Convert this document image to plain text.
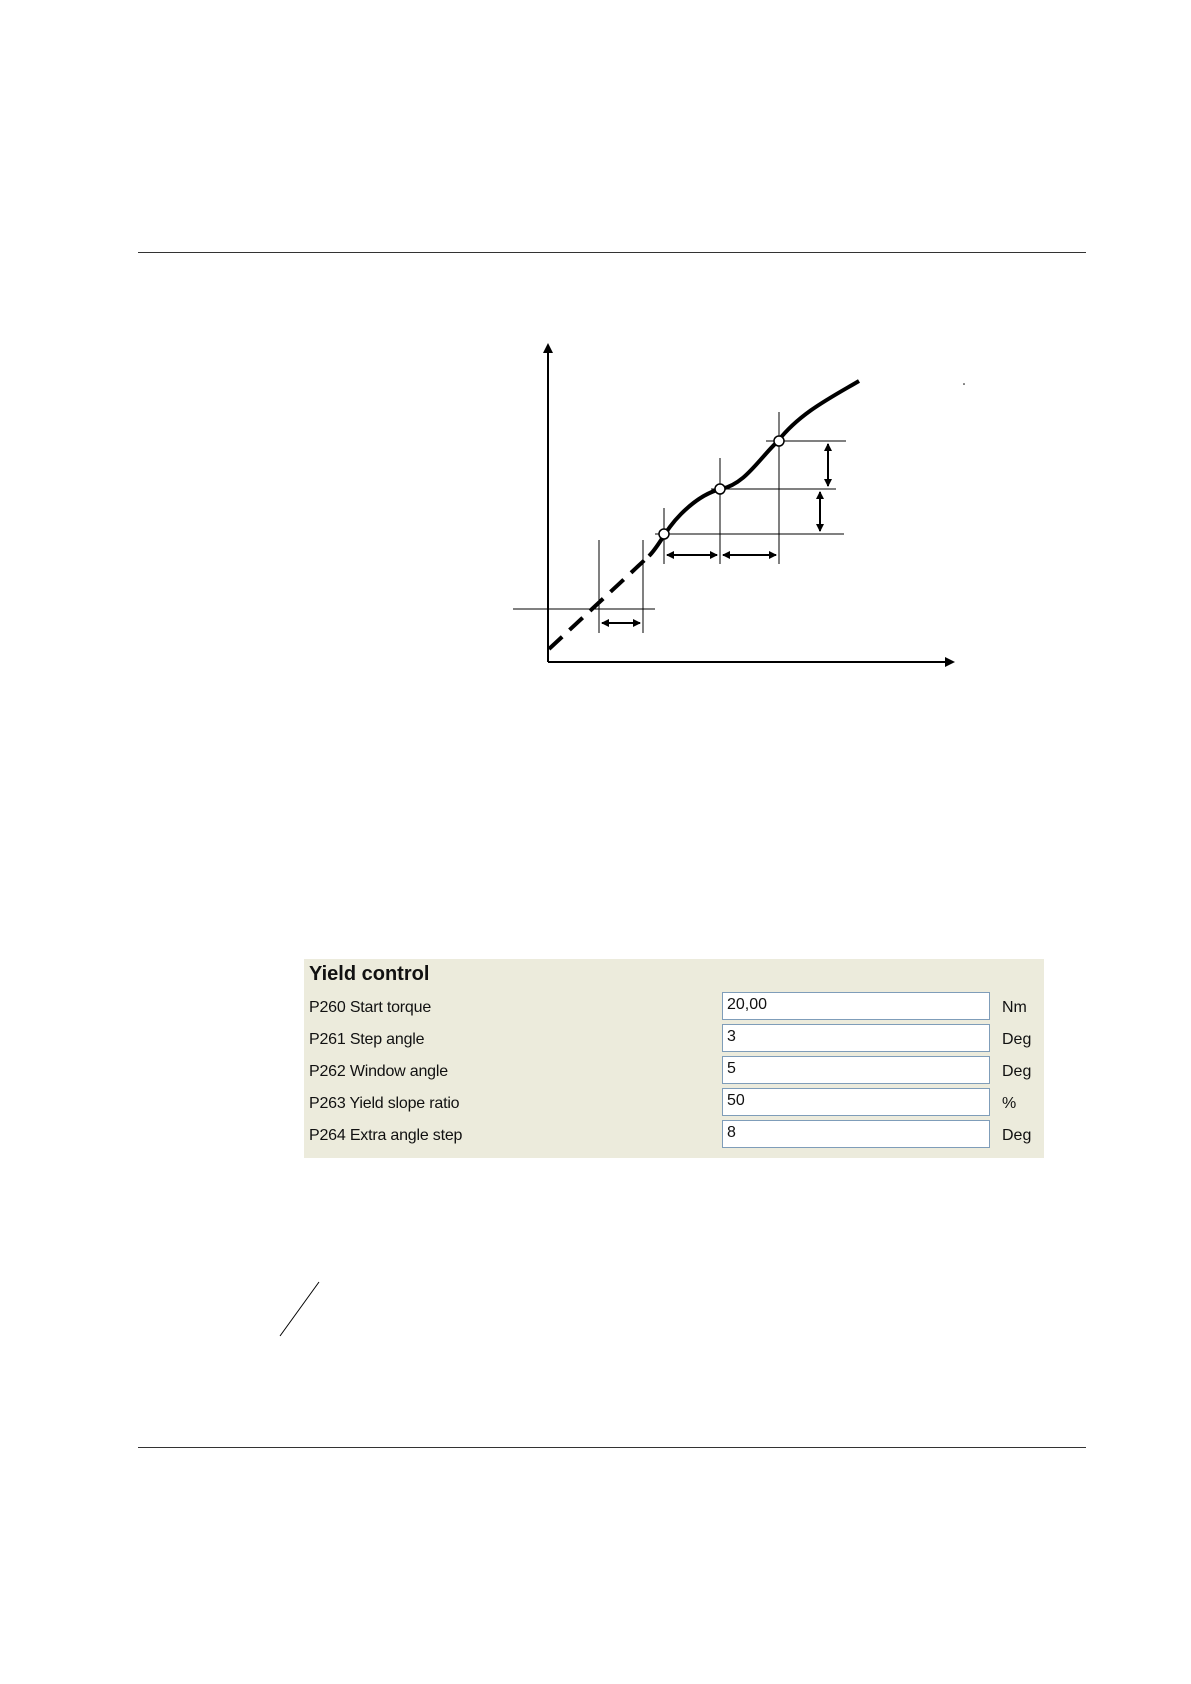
Yield control
P260 Start torque	20,00	Nm
P261 Step angle	3	Deg
P262 Window angle	5	Deg
P263 Yield slope ratio	50	%
P264 Extra angle step	8	Deg
